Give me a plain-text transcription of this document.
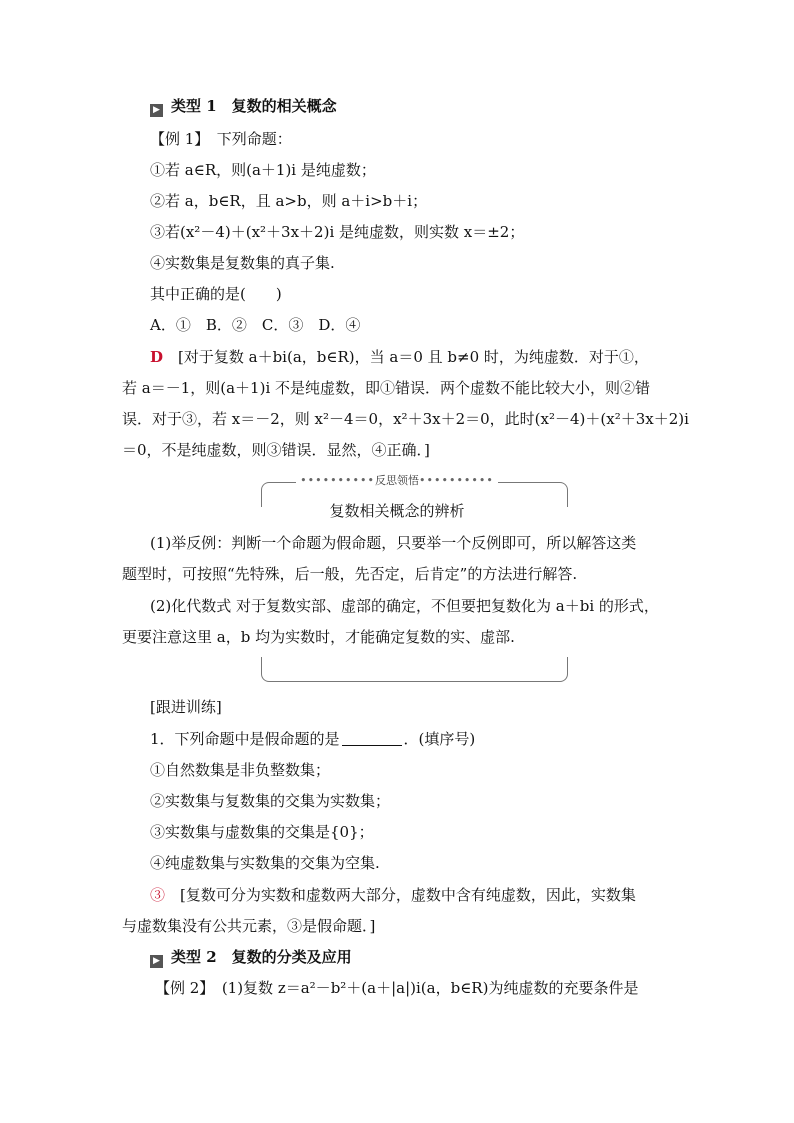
▶ 类型 1　复数的相关概念
【例 1】　下列命题：
①若 a∈R，则(a＋1)i 是纯虚数；
②若 a，b∈R，且 a>b，则 a＋i>b＋i；
③若(x²－4)＋(x²＋3x＋2)i 是纯虚数，则实数 x＝±2；
④实数集是复数集的真子集.
其中正确的是(　　)
A．①　B．②　C．③　D．④
D　[对于复数 a＋bi(a，b∈R)，当 a＝0 且 b≠0 时，为纯虚数．对于①，
若 a＝－1，则(a＋1)i 不是纯虚数，即①错误．两个虚数不能比较大小，则②错
误．对于③，若 x＝－2，则 x²－4＝0，x²＋3x＋2＝0，此时(x²－4)＋(x²＋3x＋2)i
＝0，不是纯虚数，则③错误．显然，④正确．]
••••••••••反思领悟••••••••••
复数相关概念的辨析
(1)举反例：判断一个命题为假命题，只要举一个反例即可，所以解答这类
题型时，可按照“先特殊，后一般，先否定，后肯定”的方法进行解答.
(2)化代数式 对于复数实部、虚部的确定，不但要把复数化为 a＋bi 的形式，
更要注意这里 a，b 均为实数时，才能确定复数的实、虚部.
[跟进训练]
1．下列命题中是假命题的是	．(填序号)
①自然数集是非负整数集；
②实数集与复数集的交集为实数集；
③实数集与虚数集的交集是{0}；
④纯虚数集与实数集的交集为空集.
③　[复数可分为实数和虚数两大部分，虚数中含有纯虚数，因此，实数集
与虚数集没有公共元素，③是假命题．]
▶ 类型 2　复数的分类及应用
【例 2】　(1)复数 z＝a²－b²＋(a＋|a|)i(a，b∈R)为纯虚数的充要条件是
